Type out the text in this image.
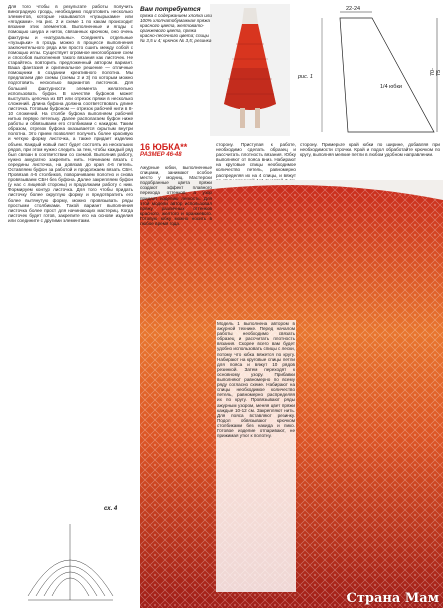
Для того чтобы в результате работы получить виноградную гроздь, необходимо подготовить несколько элементов, которые называются «пузырьками» или «ягодками». На рис. 2 и схеме 1 по какам происходит вязание этих элементов. Выполненные и ягоды с помощью шнура и ниток, связанных крючком, оно очень фактурны и «натуральны». Соединять отдельные «пузырьки» в гроздь можно в процессе выполнения заключительного ряда или просто сшить между собой с помощью иглы. Существует огромное многообразие схем и способов выполнения такого вязания как листочек. Не старайтесь повторить предложенный автором вариант. Ваша фантазия и оригинальное решение — отличные помощники в создании креативного полотна. Мы предлагаем две схемы (схемы 2 и 3) по которым можно подготовить несколько вариантов листочков. Для большей фактурности элемента желательно использовать буфон. В качестве буфонов может выступать цепочка из ВП или отрезок пряжи в несколько сложений. Длина буфона должна соответствовать длине листочка. Готовым буфоном — отрезок рабочей нити в 8-10 сложений. На столбе буфона выполняем рабочей нитью первую петельку. Далее располагаем буфон ниже работы и обвязываем его столбиками с накидом. Таким образом, отрезок буфона оказывается скрытым внутри полотна. Это прием позволяет получить более красивую и четкую форму листочка, а также придает изделию объем. Каждый новый лист будет состоять из нескольких рядов, при этом нужно следить за тем, чтобы каждый ряд был связан в соответствии со схемой. Выполнив работу, нужно аккуратно закрепить нить. Начинаем вязать с середины листочка, на довязав до края 4-6 петель. Оставляем буфон за работой и продолжаем вязать СБН. Провязав 4-6 столбиков, поворачиваем полотно и снова провязываем СБН без буфона. Далее закрепляем буфон (у нас с лицевой стороны) и продолжаем работу с ним. Формируем контур листочка. Для того чтобы придать листочку более округлую форму и предотвратить его более вытянутую форму, можно провязывать ряды простыми столбиками. Такой вариант выполнения листочка более прост для начинающих мастериц. Когда листочек будет готов, закрепите его на основе изделия или соедините с другими элементами.
Вам потребуется
пряжа с содержанием хлопка или 100% хлопчатобумажная пряжа красного цвета, желтовато-оранжевого цвета, пряжа красно-песочного цвета; спицы № 3,5 и 4; крючок № 3,5; резинка
22-24
70-75
рис. 1
1/4 юбки
16 ЮБКА**
РАЗМЕР 46-48
сторону. Приступая к работе, необходимо сделать образец и рассчитать плотность вязания. Юбку выполняют от пояса вниз. Набирают на круговые спицы необходимое количество петель, равномерно распределяя их на 4 спицы, и вяжут
сторону. Примерьте край юбки по ширине, добавляя при необходимости строчки. Край и подол обработайте крючком по кругу, выполняя мелкие петли в любом удобном направлении.
Ажурные юбки, выполненные спицами, занимают особое место у модниц. Мастерски подобранные цвета пряжи создают эффект плавного перехода оттенков, а узор придает изделию легкость. Для этой модели автор использовал пряжу различных оттенков красного, желтого и оранжевого. Готовую юбку можно носить в любое время года.
Модель 1 выполнена автором в ажурной технике. Перед началом работы необходимо связать образец и рассчитать плотность вязания. Скорее всего вам будет удобно использовать спицы с лески, потому что юбка вяжется по кругу. Набирают на круговые спицы петли для пояса и вяжут 10 рядов резинкой. Затем переходят к основному узору. Прибавки выполняют равномерно по всему ряду согласно схеме. Набирают на спицы необходимое количество петель, равномерно распределяя их по кругу. Провязывают ряды ажурным узором, меняя цвет пряжи каждые 10-12 см. Закрепляют нить. Для пояса вставляют резинку. Подол обвязывают крючком столбиками без накида и пико. Готовое изделие отпаривают, не прижимая утюг к полотну.
сх. 4
Страна Мам
